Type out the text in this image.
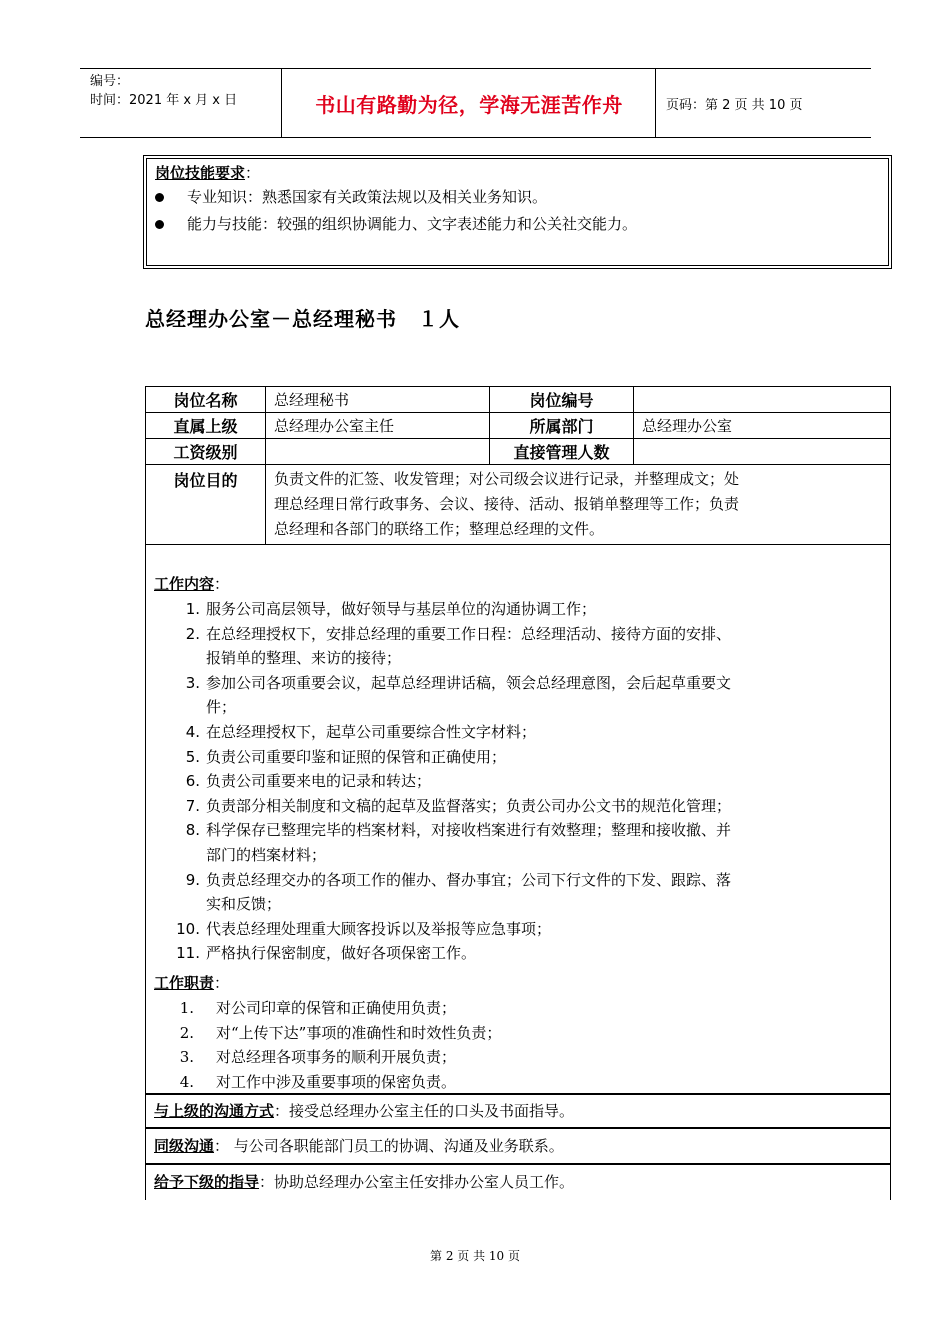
编号：
时间：2021 年 x 月 x 日	书山有路勤为径，学海无涯苦作舟	页码：第 2 页 共 10 页
岗位技能要求：
专业知识：熟悉国家有关政策法规以及相关业务知识。
能力与技能：较强的组织协调能力、文字表述能力和公关社交能力。
总经理办公室－总经理秘书　１人
岗位名称	总经理秘书	岗位编号	
直属上级	总经理办公室主任	所属部门	总经理办公室
工资级别		直接管理人数	
岗位目的	负责文件的汇签、收发管理；对公司级会议进行记录，并整理成文；处
理总经理日常行政事务、会议、接待、活动、报销单整理等工作；负责
总经理和各部门的联络工作；整理总经理的文件。		
工作内容：
1. 服务公司高层领导，做好领导与基层单位的沟通协调工作；
2. 在总经理授权下，安排总经理的重要工作日程：总经理活动、接待方面的安排、
报销单的整理、来访的接待；
3. 参加公司各项重要会议，起草总经理讲话稿，领会总经理意图，会后起草重要文
件；
4. 在总经理授权下，起草公司重要综合性文字材料；
5. 负责公司重要印鉴和证照的保管和正确使用；
6. 负责公司重要来电的记录和转达；
7. 负责部分相关制度和文稿的起草及监督落实；负责公司办公文书的规范化管理；
8. 科学保存已整理完毕的档案材料，对接收档案进行有效整理；整理和接收撤、并
部门的档案材料；
9. 负责总经理交办的各项工作的催办、督办事宜；公司下行文件的下发、跟踪、落
实和反馈；
10. 代表总经理处理重大顾客投诉以及举报等应急事项；
11. 严格执行保密制度，做好各项保密工作。
工作职责：
1. 对公司印章的保管和正确使用负责；
2. 对“上传下达”事项的准确性和时效性负责；
3. 对总经理各项事务的顺利开展负责；
4. 对工作中涉及重要事项的保密负责。
与上级的沟通方式：接受总经理办公室主任的口头及书面指导。
同级沟通： 与公司各职能部门员工的协调、沟通及业务联系。
给予下级的指导：协助总经理办公室主任安排办公室人员工作。
第 2 页 共 10 页
